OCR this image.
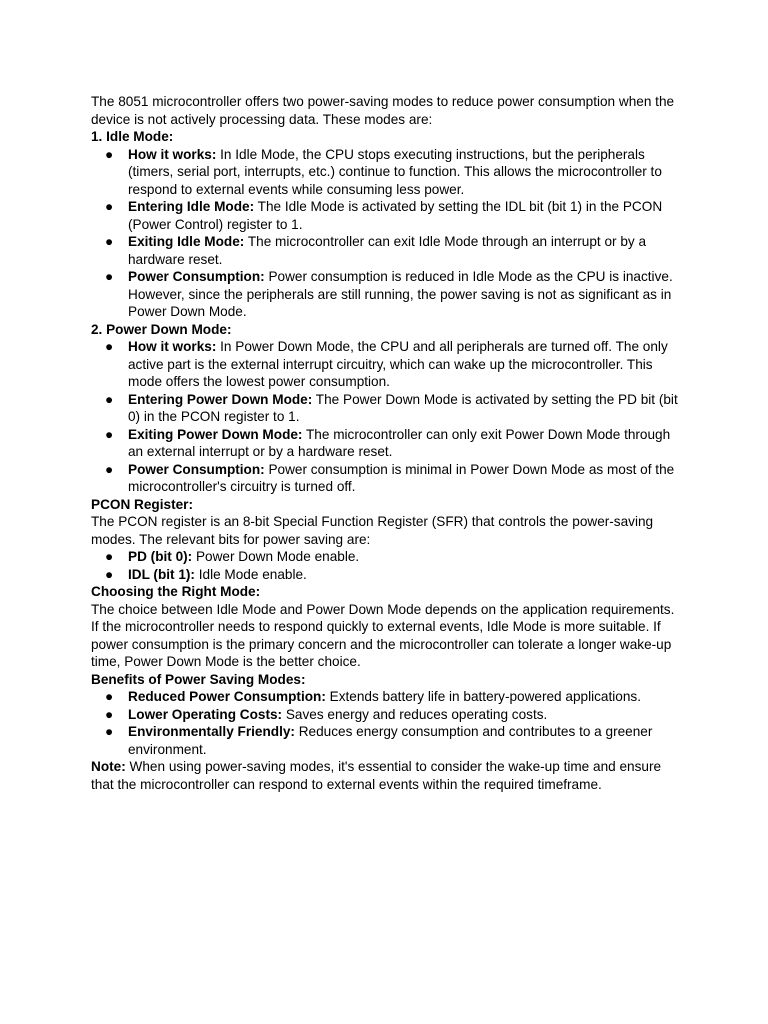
The 8051 microcontroller offers two power-saving modes to reduce power consumption when the device is not actively processing data. These modes are:

1. Idle Mode:

● How it works: In Idle Mode, the CPU stops executing instructions, but the peripherals (timers, serial port, interrupts, etc.) continue to function. This allows the microcontroller to respond to external events while consuming less power.
● Entering Idle Mode: The Idle Mode is activated by setting the IDL bit (bit 1) in the PCON (Power Control) register to 1.
● Exiting Idle Mode: The microcontroller can exit Idle Mode through an interrupt or by a hardware reset.
● Power Consumption: Power consumption is reduced in Idle Mode as the CPU is inactive. However, since the peripherals are still running, the power saving is not as significant as in Power Down Mode.

2. Power Down Mode:

● How it works: In Power Down Mode, the CPU and all peripherals are turned off. The only active part is the external interrupt circuitry, which can wake up the microcontroller. This mode offers the lowest power consumption.
● Entering Power Down Mode: The Power Down Mode is activated by setting the PD bit (bit 0) in the PCON register to 1.
● Exiting Power Down Mode: The microcontroller can only exit Power Down Mode through an external interrupt or by a hardware reset.
● Power Consumption: Power consumption is minimal in Power Down Mode as most of the microcontroller's circuitry is turned off.

PCON Register:

The PCON register is an 8-bit Special Function Register (SFR) that controls the power-saving modes. The relevant bits for power saving are:

● PD (bit 0): Power Down Mode enable.
● IDL (bit 1): Idle Mode enable.

Choosing the Right Mode:

The choice between Idle Mode and Power Down Mode depends on the application requirements. If the microcontroller needs to respond quickly to external events, Idle Mode is more suitable. If power consumption is the primary concern and the microcontroller can tolerate a longer wake-up time, Power Down Mode is the better choice.

Benefits of Power Saving Modes:

● Reduced Power Consumption: Extends battery life in battery-powered applications.
● Lower Operating Costs: Saves energy and reduces operating costs.
● Environmentally Friendly: Reduces energy consumption and contributes to a greener environment.

Note: When using power-saving modes, it's essential to consider the wake-up time and ensure that the microcontroller can respond to external events within the required timeframe.
